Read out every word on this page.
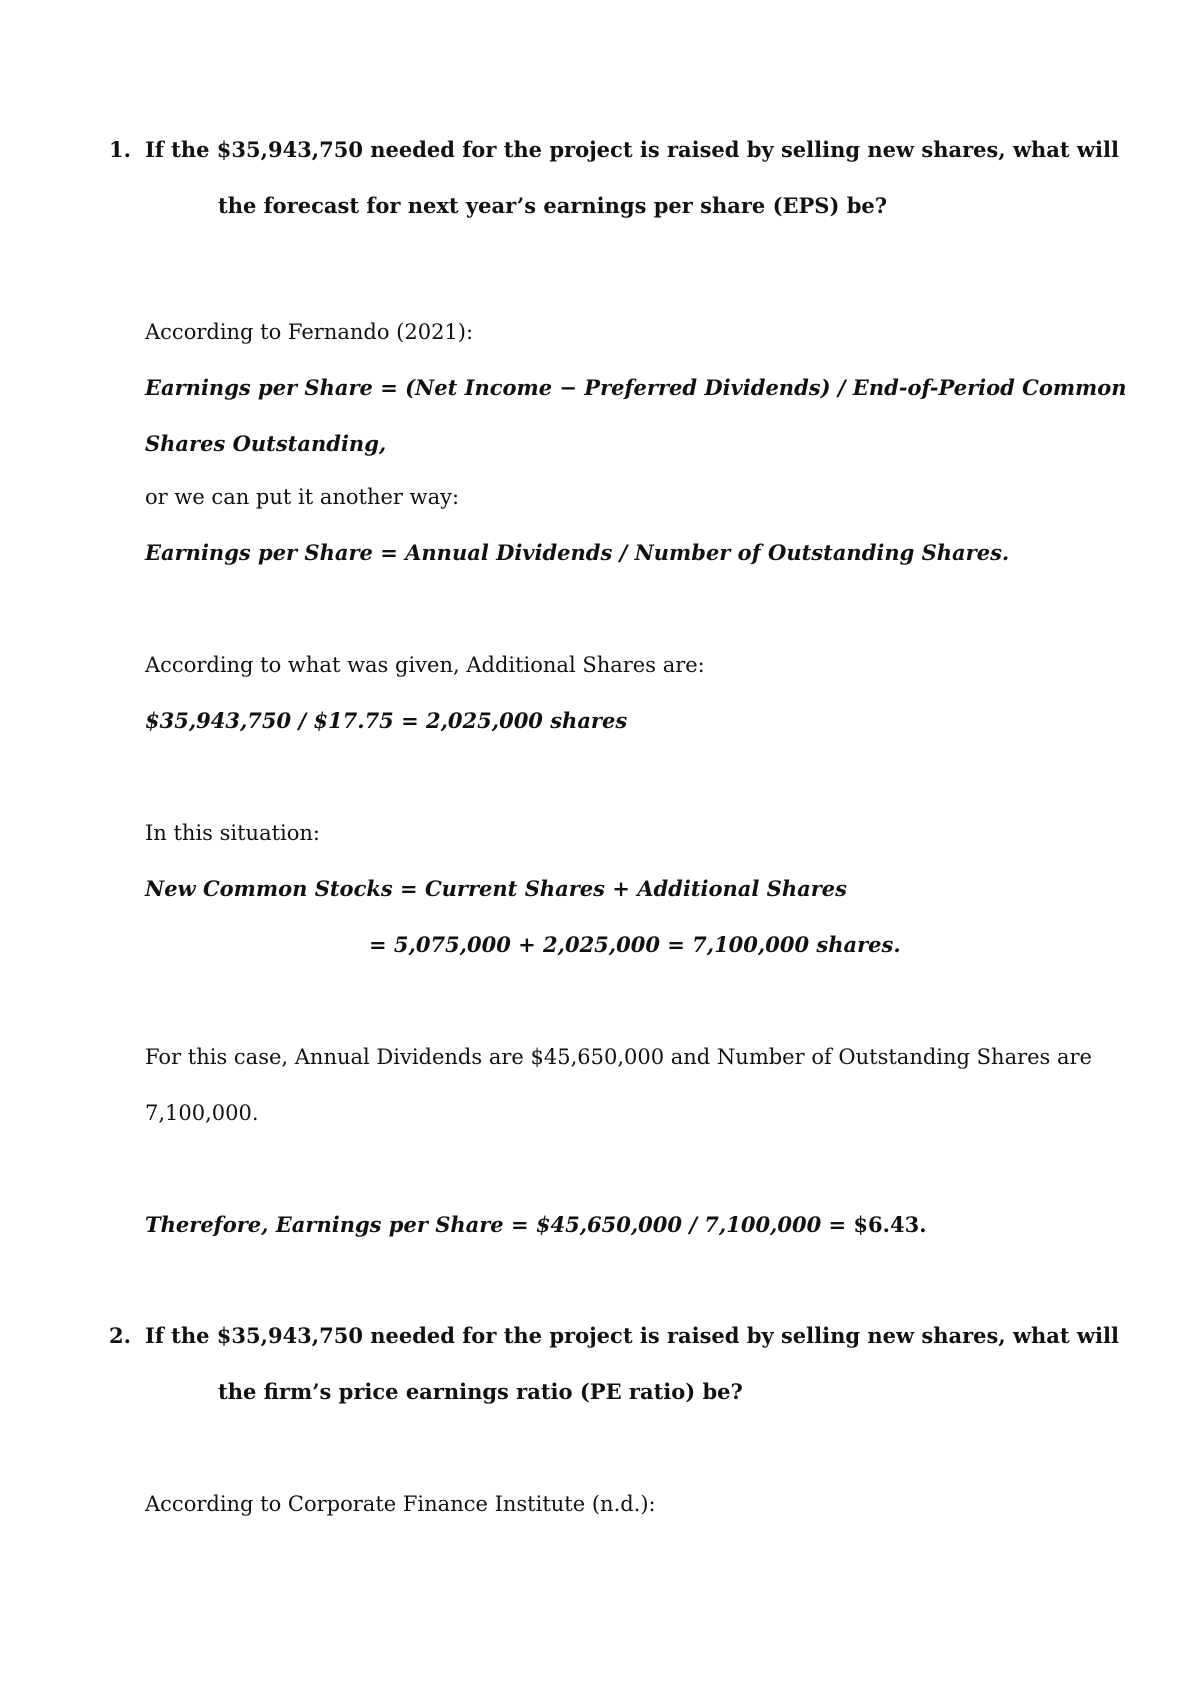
1. If the $35,943,750 needed for the project is raised by selling new shares, what will
the forecast for next year’s earnings per share (EPS) be?
According to Fernando (2021):
Earnings per Share = (Net Income − Preferred Dividends) / End-of-Period Common
Shares Outstanding,
or we can put it another way:
Earnings per Share = Annual Dividends / Number of Outstanding Shares.
According to what was given, Additional Shares are:
$35,943,750 / $17.75 = 2,025,000 shares
In this situation:
New Common Stocks = Current Shares + Additional Shares
= 5,075,000 + 2,025,000 = 7,100,000 shares.
For this case, Annual Dividends are $45,650,000 and Number of Outstanding Shares are
7,100,000.
Therefore, Earnings per Share = $45,650,000 / 7,100,000 = $6.43.
2. If the $35,943,750 needed for the project is raised by selling new shares, what will
the firm’s price earnings ratio (PE ratio) be?
According to Corporate Finance Institute (n.d.):
